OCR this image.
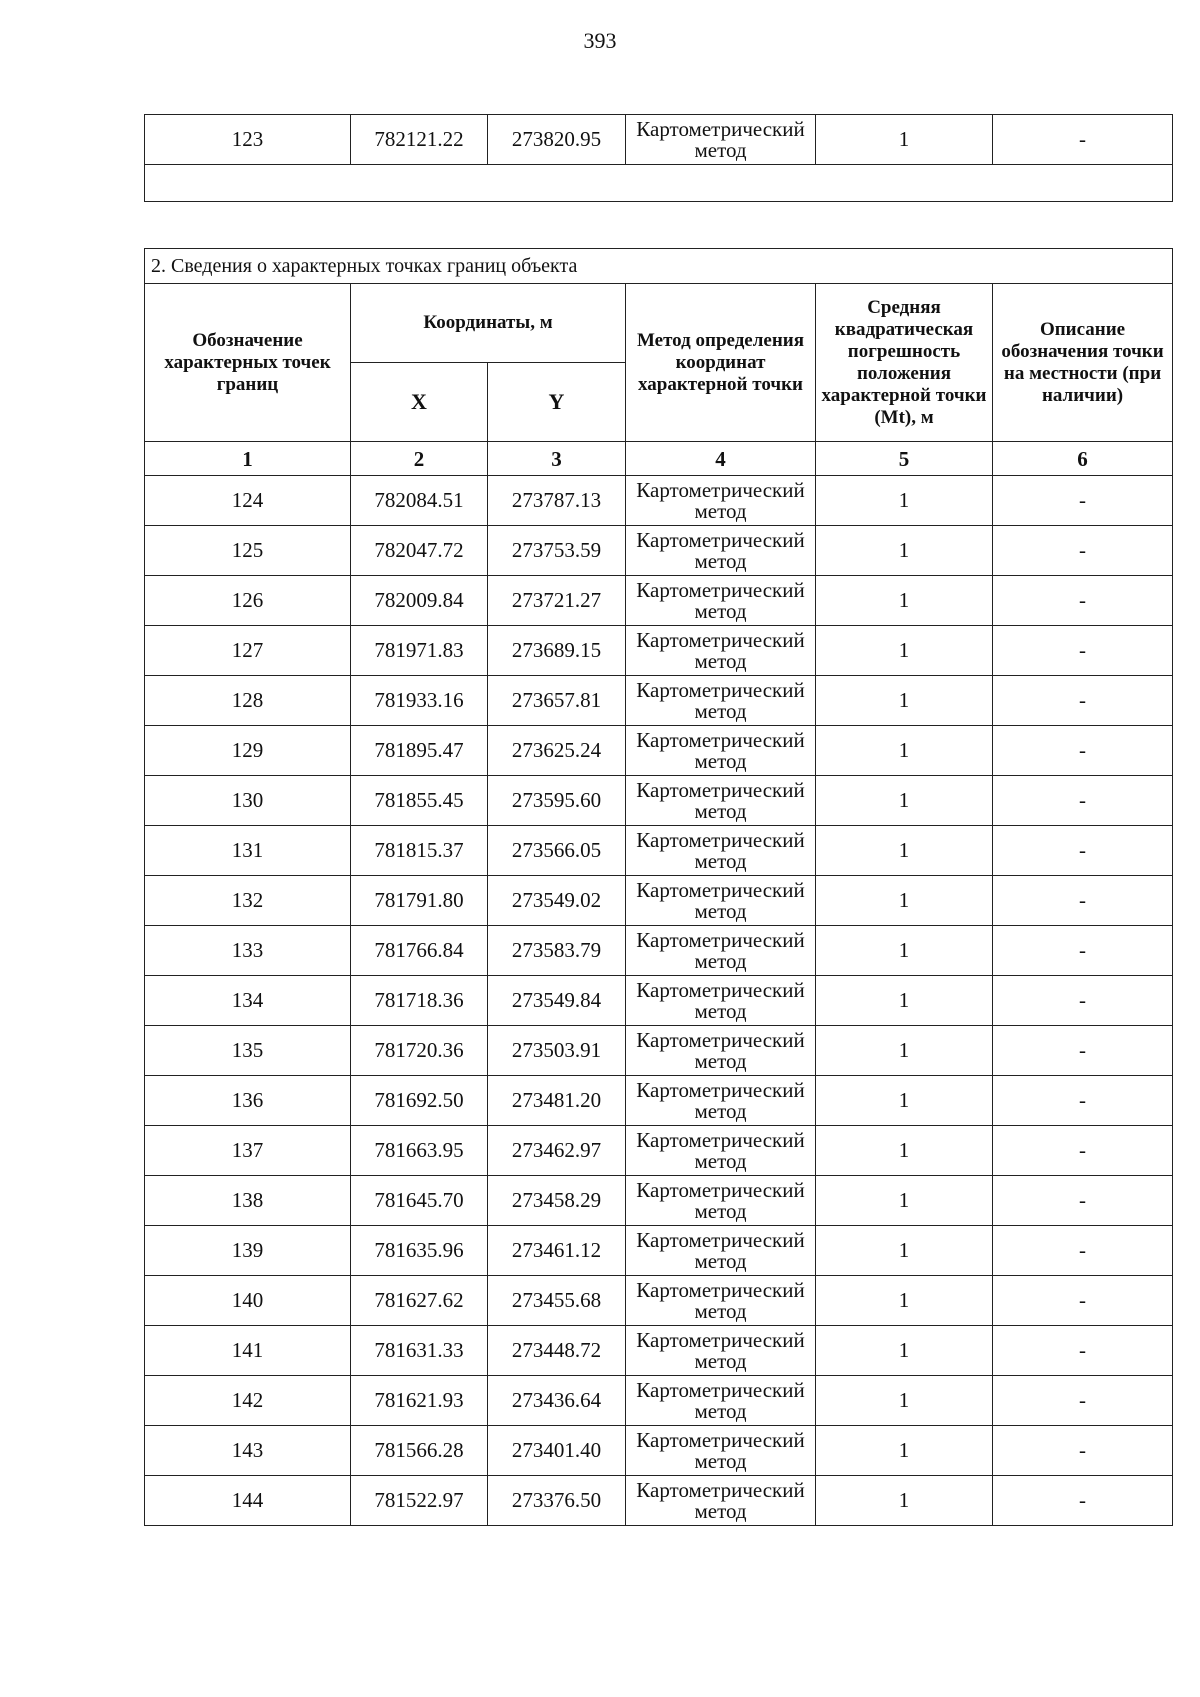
393
123	782121.22	273820.95	Картометрический метод	1	-

2. Сведения о характерных точках границ объекта					
Обозначение характерных точек границ	Координаты, м		Метод определения координат характерной точки	Средняя квадратическая погрешность положения характерной точки (Mt), м	Описание обозначения точки на местности (при наличии)
	X	Y			
1	2	3	4	5	6
124	782084.51	273787.13	Картометрический метод	1	-
125	782047.72	273753.59	Картометрический метод	1	-
126	782009.84	273721.27	Картометрический метод	1	-
127	781971.83	273689.15	Картометрический метод	1	-
128	781933.16	273657.81	Картометрический метод	1	-
129	781895.47	273625.24	Картометрический метод	1	-
130	781855.45	273595.60	Картометрический метод	1	-
131	781815.37	273566.05	Картометрический метод	1	-
132	781791.80	273549.02	Картометрический метод	1	-
133	781766.84	273583.79	Картометрический метод	1	-
134	781718.36	273549.84	Картометрический метод	1	-
135	781720.36	273503.91	Картометрический метод	1	-
136	781692.50	273481.20	Картометрический метод	1	-
137	781663.95	273462.97	Картометрический метод	1	-
138	781645.70	273458.29	Картометрический метод	1	-
139	781635.96	273461.12	Картометрический метод	1	-
140	781627.62	273455.68	Картометрический метод	1	-
141	781631.33	273448.72	Картометрический метод	1	-
142	781621.93	273436.64	Картометрический метод	1	-
143	781566.28	273401.40	Картометрический метод	1	-
144	781522.97	273376.50	Картометрический метод	1	-
